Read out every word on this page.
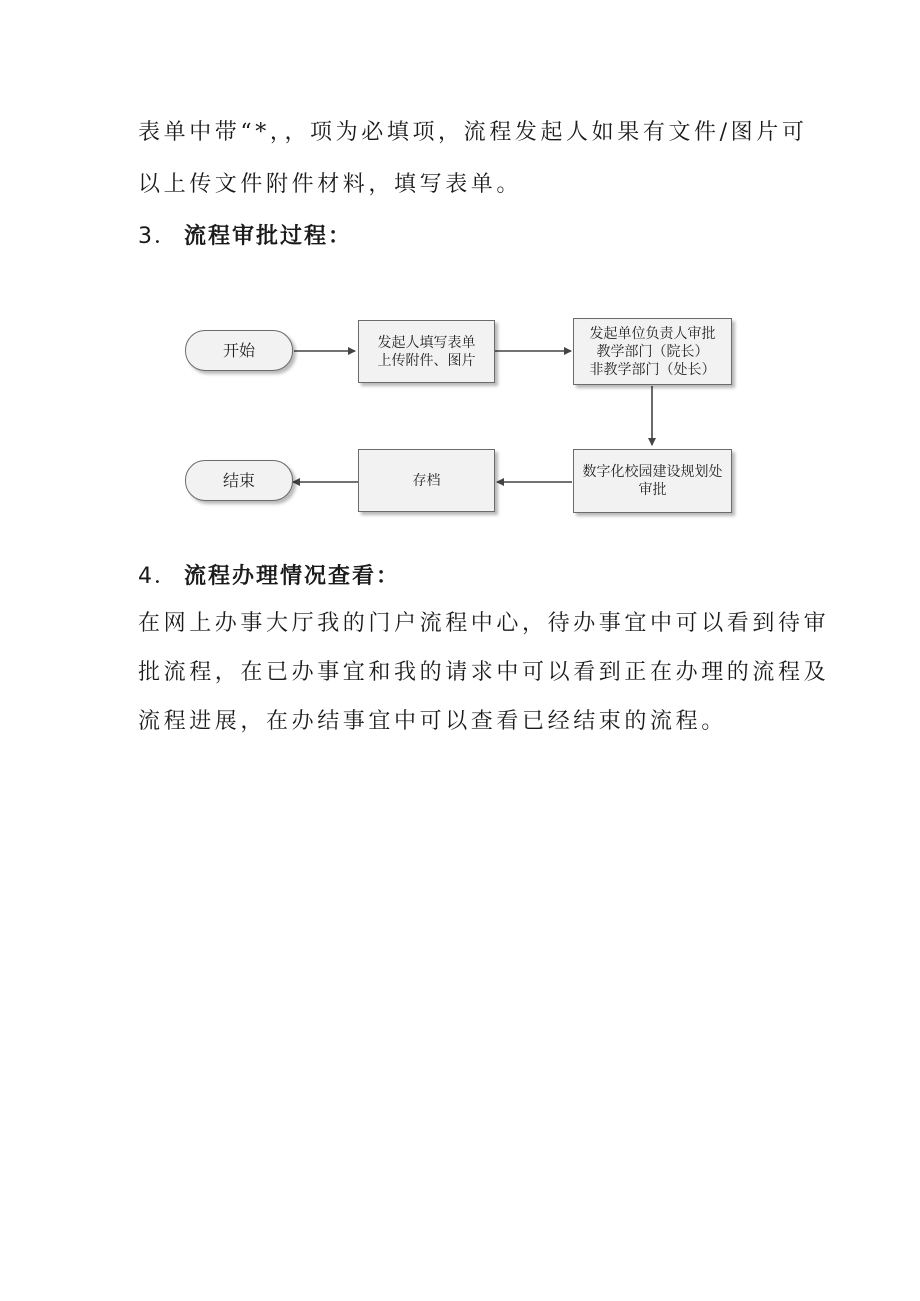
表单中带“*，，项为必填项，流程发起人如果有文件/图片可
以上传文件附件材料，填写表单。
3． 流程审批过程：
开始	发起人填写表单
上传附件、图片
发起单位负责人审批
教学部门（院长）
非教学部门（处长）
数字化校园建设规划处
审批
存档
结束
4． 流程办理情况查看：
在网上办事大厅我的门户流程中心，待办事宜中可以看到待审
批流程，在已办事宜和我的请求中可以看到正在办理的流程及
流程进展，在办结事宜中可以查看已经结束的流程。
